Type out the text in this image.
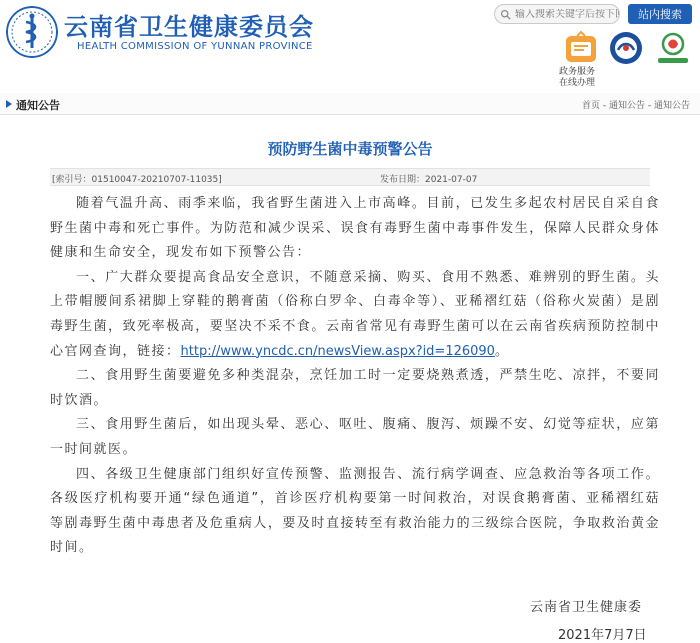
云南省卫生健康委员会
HEALTH COMMISSION OF YUNNAN PROVINCE
输入搜索关键字后按下回车
站内搜索
政务服务
在线办理
通知公告	首页 - 通知公告 - 通知公告
预防野生菌中毒预警公告
[索引号：01510047-20210707-11035]	发布日期：2021-07-07

随着气温升高、雨季来临，我省野生菌进入上市高峰。目前，已发生多起农村居民自采自食野生菌中毒和死亡事件。为防范和减少误采、误食有毒野生菌中毒事件发生，保障人民群众身体健康和生命安全，现发布如下预警公告：

一、广大群众要提高食品安全意识，不随意采摘、购买、食用不熟悉、难辨别的野生菌。头上带帽腰间系裙脚上穿鞋的鹅膏菌（俗称白罗伞、白毒伞等）、亚稀褶红菇（俗称火炭菌）是剧毒野生菌，致死率极高，要坚决不采不食。云南省常见有毒野生菌可以在云南省疾病预防控制中心官网查询，链接：http://www.yncdc.cn/newsView.aspx?id=126090。

二、食用野生菌要避免多种类混杂，烹饪加工时一定要烧熟煮透，严禁生吃、凉拌，不要同时饮酒。

三、食用野生菌后，如出现头晕、恶心、呕吐、腹痛、腹泻、烦躁不安、幻觉等症状，应第一时间就医。

四、各级卫生健康部门组织好宣传预警、监测报告、流行病学调查、应急救治等各项工作。各级医疗机构要开通“绿色通道”，首诊医疗机构要第一时间救治，对误食鹅膏菌、亚稀褶红菇等剧毒野生菌中毒患者及危重病人，要及时直接转至有救治能力的三级综合医院，争取救治黄金时间。

云南省卫生健康委
2021年7月7日
